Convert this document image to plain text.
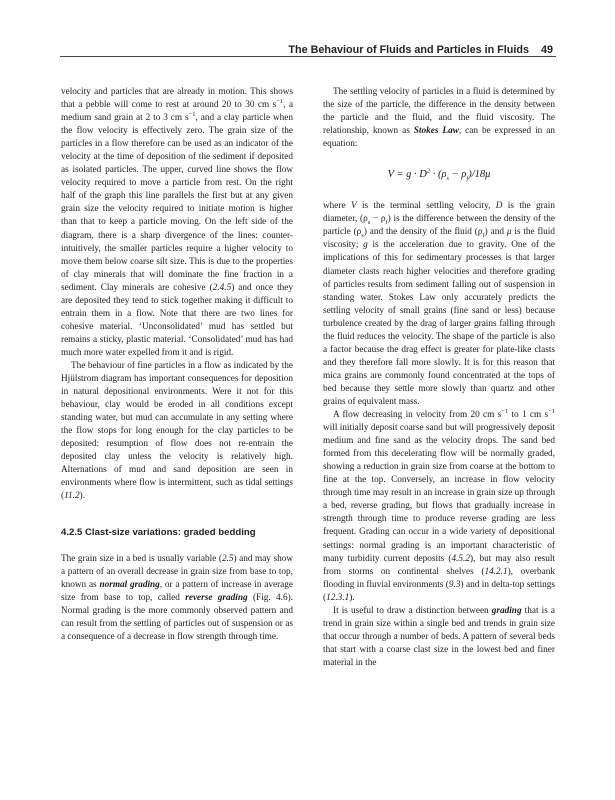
The Behaviour of Fluids and Particles in Fluids 49

velocity and particles that are already in motion. This shows that a pebble will come to rest at around 20 to 30 cm $s^{-1}$, a medium sand grain at 2 to 3 cm $s^{-1}$, and a clay particle when the flow velocity is effectively zero. The grain size of the particles in a flow therefore can be used as an indicator of the velocity at the time of deposition of the sediment if deposited as isolated particles. The upper, curved line shows the flow velocity required to move a particle from rest. On the right half of the graph this line parallels the first but at any given grain size the velocity required to initiate motion is higher than that to keep a particle moving. On the left side of the diagram, there is a sharp divergence of the lines: counter-intuitively, the smaller particles require a higher velocity to move them below coarse silt size. This is due to the properties of clay minerals that will dominate the fine fraction in a sediment. Clay minerals are cohesive (2.4.5) and once they are deposited they tend to stick together making it difficult to entrain them in a flow. Note that there are two lines for cohesive material. ‘Unconsolidated’ mud has settled but remains a sticky, plastic material. ‘Consolidated’ mud has had much more water expelled from it and is rigid.

The behaviour of fine particles in a flow as indicated by the Hjülstrom diagram has important consequences for deposition in natural depositional environments. Were it not for this behaviour, clay would be eroded in all conditions except standing water, but mud can accumulate in any setting where the flow stops for long enough for the clay particles to be deposited: resumption of flow does not re-entrain the deposited clay unless the velocity is relatively high. Alternations of mud and sand deposition are seen in environments where flow is intermittent, such as tidal settings (11.2).

4.2.5 Clast-size variations: graded bedding

The grain size in a bed is usually variable (2.5) and may show a pattern of an overall decrease in grain size from base to top, known as normal grading, or a pattern of increase in average size from base to top, called reverse grading (Fig. 4.6). Normal grading is the more commonly observed pattern and can result from the settling of particles out of suspension or as a consequence of a decrease in flow strength through time.

The settling velocity of particles in a fluid is determined by the size of the particle, the difference in the density between the particle and the fluid, and the fluid viscosity. The relationship, known as Stokes Law, can be expressed in an equation:

$V = g \cdot D^2 \cdot (\rho_s - \rho_f)/18\mu$

where V is the terminal settling velocity, D is the grain diameter, $(\rho_s - \rho_f)$ is the difference between the density of the particle $(\rho_s)$ and the density of the fluid $(\rho_f)$ and μ is the fluid viscosity; g is the acceleration due to gravity. One of the implications of this for sedimentary processes is that larger diameter clasts reach higher velocities and therefore grading of particles results from sediment falling out of suspension in standing water. Stokes Law only accurately predicts the settling velocity of small grains (fine sand or less) because turbulence created by the drag of larger grains falling through the fluid reduces the velocity. The shape of the particle is also a factor because the drag effect is greater for plate-like clasts and they therefore fall more slowly. It is for this reason that mica grains are commonly found concentrated at the tops of bed because they settle more slowly than quartz and other grains of equivalent mass.

A flow decreasing in velocity from 20 cm $s^{-1}$ to 1 cm $s^{-1}$ will initially deposit coarse sand but will progressively deposit medium and fine sand as the velocity drops. The sand bed formed from this decelerating flow will be normally graded, showing a reduction in grain size from coarse at the bottom to fine at the top. Conversely, an increase in flow velocity through time may result in an increase in grain size up through a bed, reverse grading, but flows that gradually increase in strength through time to produce reverse grading are less frequent. Grading can occur in a wide variety of depositional settings: normal grading is an important characteristic of many turbidity current deposits (4.5.2), but may also result from storms on continental shelves (14.2.1), overbank flooding in fluvial environments (9.3) and in delta-top settings (12.3.1).

It is useful to draw a distinction between grading that is a trend in grain size within a single bed and trends in grain size that occur through a number of beds. A pattern of several beds that start with a coarse clast size in the lowest bed and finer material in the
